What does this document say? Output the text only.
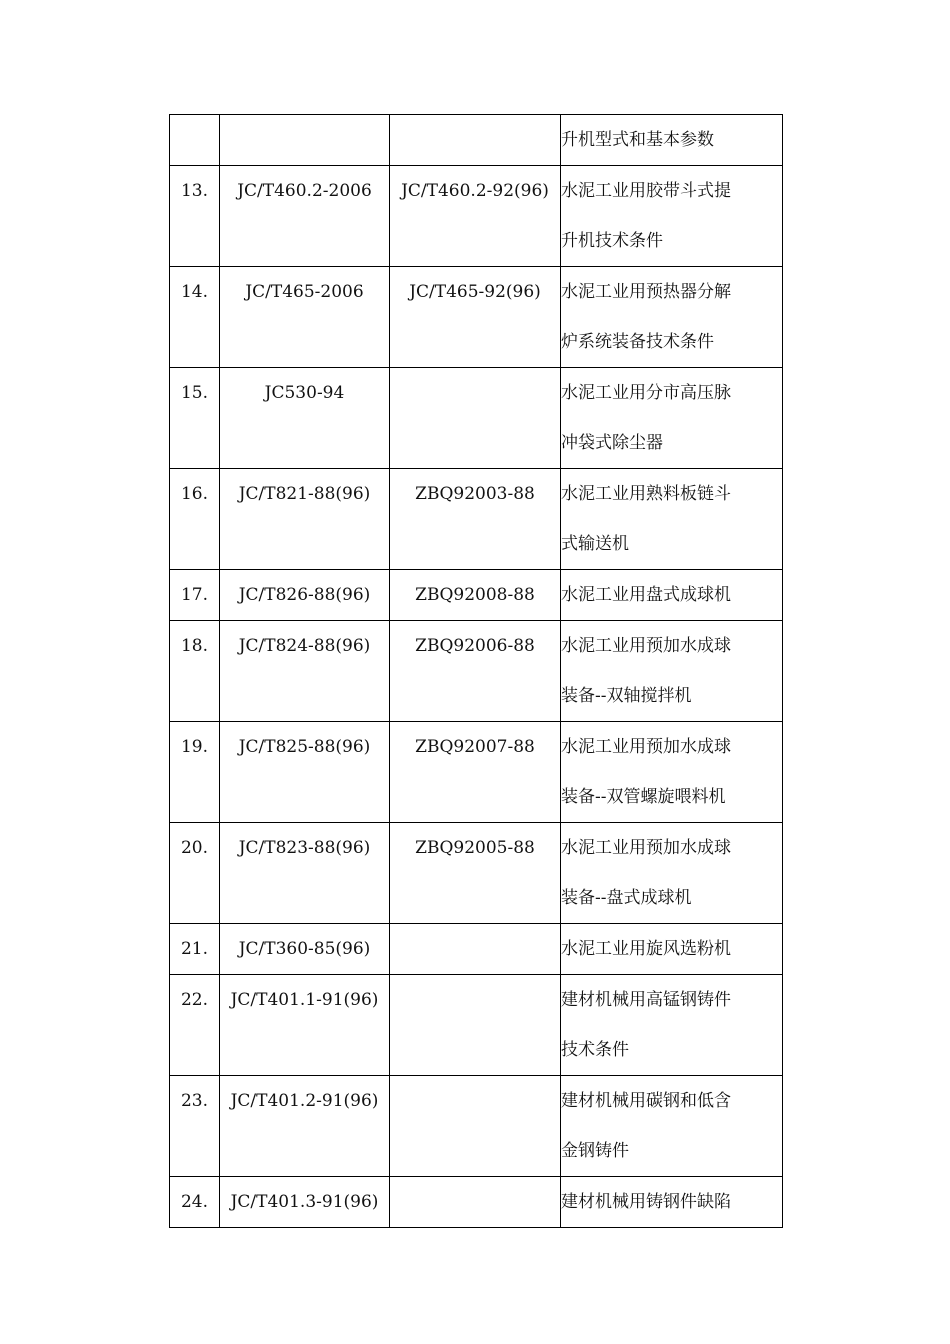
			升机型式和基本参数

13.	JC/T460.2-2006	JC/T460.2-92(96)	水泥工业用胶带斗式提
升机技术条件

14.	JC/T465-2006	JC/T465-92(96)	水泥工业用预热器分解
炉系统装备技术条件

15.	JC530-94		水泥工业用分市高压脉
冲袋式除尘器

16.	JC/T821-88(96)	ZBQ92003-88	水泥工业用熟料板链斗
式输送机

17.	JC/T826-88(96)	ZBQ92008-88	水泥工业用盘式成球机

18.	JC/T824-88(96)	ZBQ92006-88	水泥工业用预加水成球
装备--双轴搅拌机

19.	JC/T825-88(96)	ZBQ92007-88	水泥工业用预加水成球
装备--双管螺旋喂料机

20.	JC/T823-88(96)	ZBQ92005-88	水泥工业用预加水成球
装备--盘式成球机

21.	JC/T360-85(96)		水泥工业用旋风选粉机

22.	JC/T401.1-91(96)		建材机械用高锰钢铸件
技术条件

23.	JC/T401.2-91(96)		建材机械用碳钢和低含
金钢铸件

24.	JC/T401.3-91(96)		建材机械用铸钢件缺陷
